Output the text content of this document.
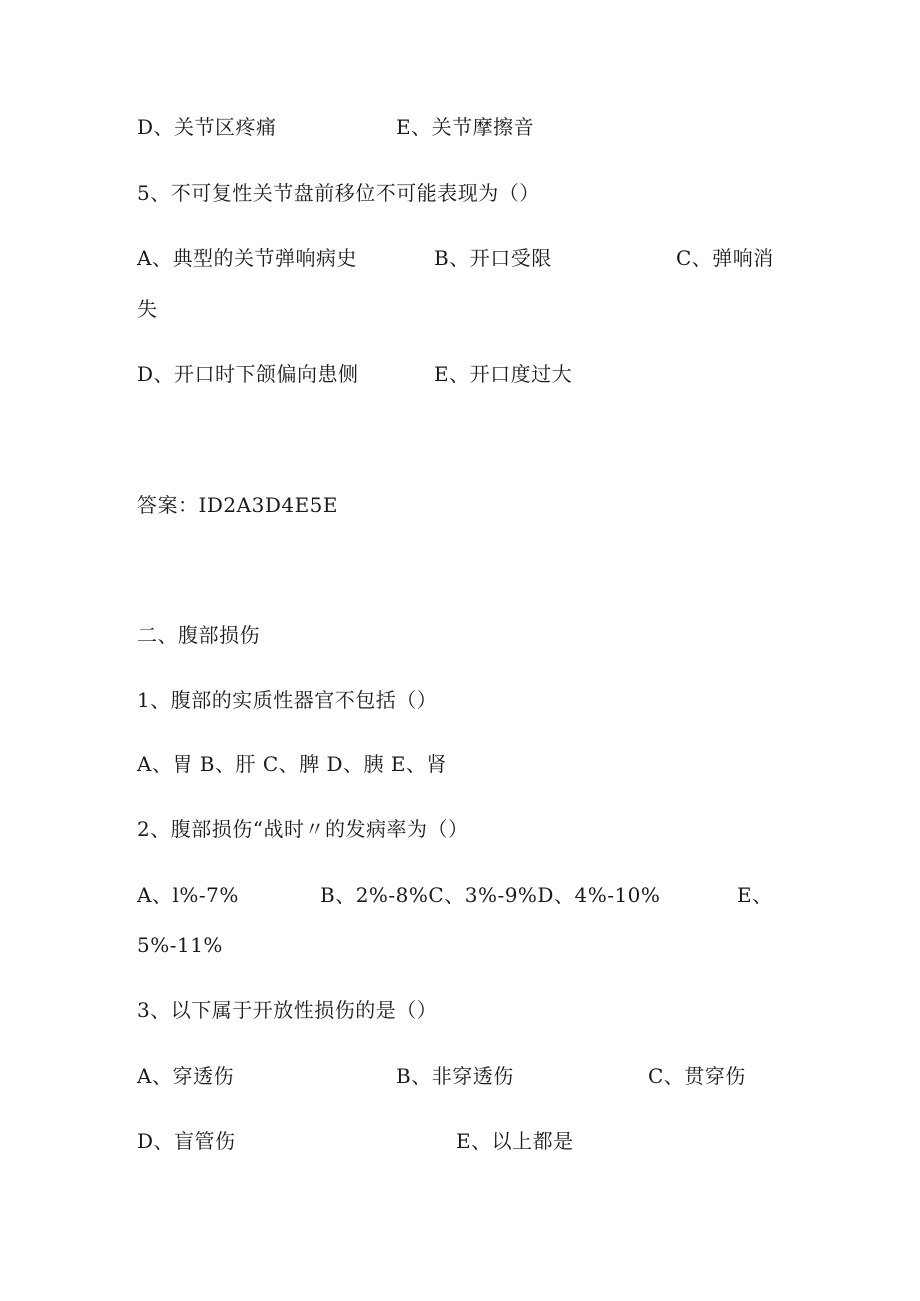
D、关节区疼痛	E、关节摩擦音
5、不可复性关节盘前移位不可能表现为（）
A、典型的关节弹响病史	B、开口受限	C、弹响消
失
D、开口时下颌偏向患侧	E、开口度过大
答案：ID2A3D4E5E
二、腹部损伤
1、腹部的实质性器官不包括（）
A、胃 B、肝 C、脾 D、胰 E、肾
2、腹部损伤“战时〃的发病率为（）
A、l%-7%	B、2%-8%C、3%-9%D、4%-10%	E、
5%-11%
3、以下属于开放性损伤的是（）
A、穿透伤	B、非穿透伤	C、贯穿伤
D、盲管伤	E、以上都是
